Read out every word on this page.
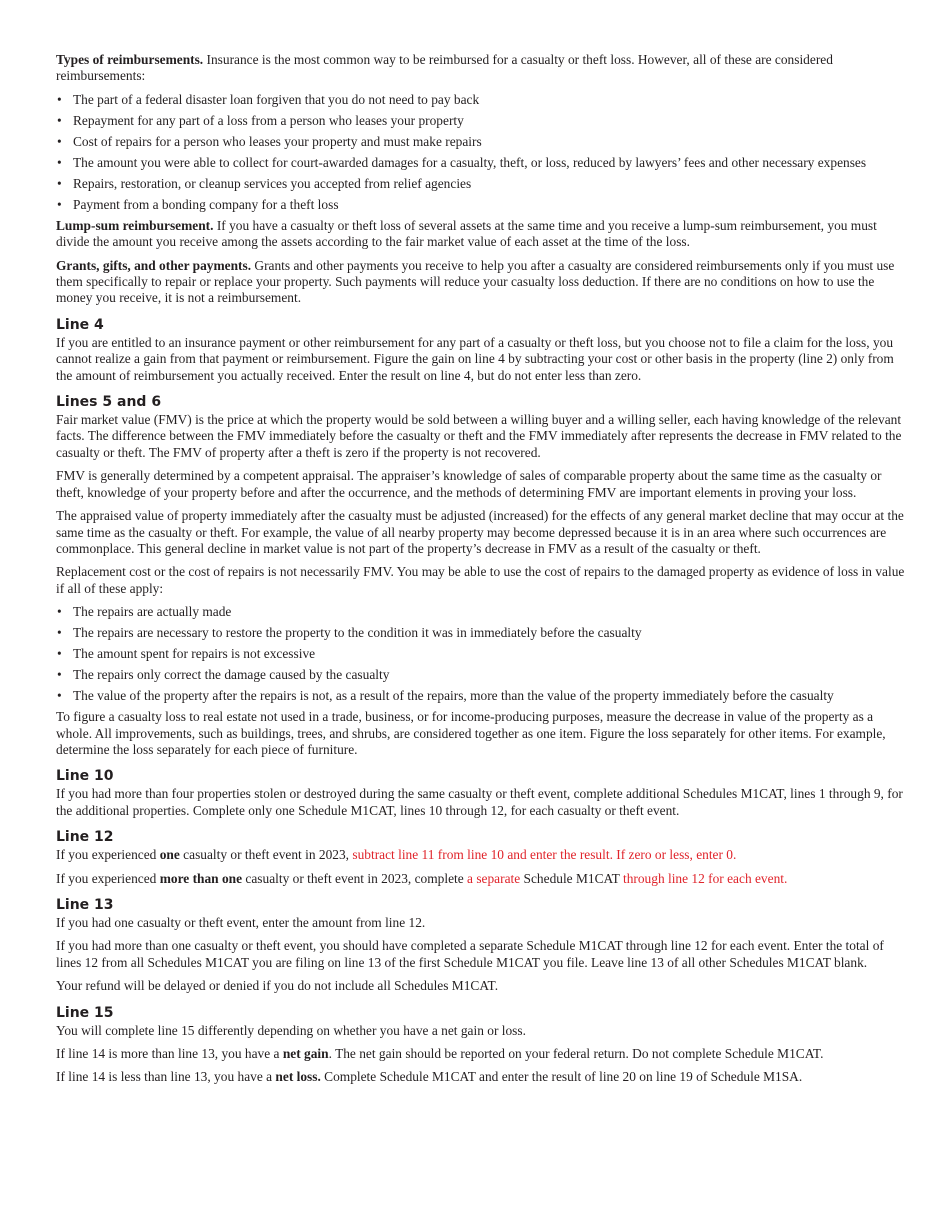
Types of reimbursements. Insurance is the most common way to be reimbursed for a casualty or theft loss. However, all of these are considered reimbursements:

• The part of a federal disaster loan forgiven that you do not need to pay back
• Repayment for any part of a loss from a person who leases your property
• Cost of repairs for a person who leases your property and must make repairs
• The amount you were able to collect for court-awarded damages for a casualty, theft, or loss, reduced by lawyers’ fees and other necessary expenses
• Repairs, restoration, or cleanup services you accepted from relief agencies
• Payment from a bonding company for a theft loss

Lump-sum reimbursement. If you have a casualty or theft loss of several assets at the same time and you receive a lump-sum reimbursement, you must divide the amount you receive among the assets according to the fair market value of each asset at the time of the loss.

Grants, gifts, and other payments. Grants and other payments you receive to help you after a casualty are considered reimbursements only if you must use them specifically to repair or replace your property. Such payments will reduce your casualty loss deduction. If there are no conditions on how to use the money you receive, it is not a reimbursement.

Line 4

If you are entitled to an insurance payment or other reimbursement for any part of a casualty or theft loss, but you choose not to file a claim for the loss, you cannot realize a gain from that payment or reimbursement. Figure the gain on line 4 by subtracting your cost or other basis in the property (line 2) only from the amount of reimbursement you actually received. Enter the result on line 4, but do not enter less than zero.

Lines 5 and 6

Fair market value (FMV) is the price at which the property would be sold between a willing buyer and a willing seller, each having knowledge of the relevant facts. The difference between the FMV immediately before the casualty or theft and the FMV immediately after represents the decrease in FMV related to the casualty or theft. The FMV of property after a theft is zero if the property is not recovered.

FMV is generally determined by a competent appraisal. The appraiser’s knowledge of sales of comparable property about the same time as the casualty or theft, knowledge of your property before and after the occurrence, and the methods of determining FMV are important elements in proving your loss.

The appraised value of property immediately after the casualty must be adjusted (increased) for the effects of any general market decline that may occur at the same time as the casualty or theft. For example, the value of all nearby property may become depressed because it is in an area where such occurrences are commonplace. This general decline in market value is not part of the property’s decrease in FMV as a result of the casualty or theft.

Replacement cost or the cost of repairs is not necessarily FMV. You may be able to use the cost of repairs to the damaged property as evidence of loss in value if all of these apply:

• The repairs are actually made
• The repairs are necessary to restore the property to the condition it was in immediately before the casualty
• The amount spent for repairs is not excessive
• The repairs only correct the damage caused by the casualty
• The value of the property after the repairs is not, as a result of the repairs, more than the value of the property immediately before the casualty

To figure a casualty loss to real estate not used in a trade, business, or for income-producing purposes, measure the decrease in value of the property as a whole. All improvements, such as buildings, trees, and shrubs, are considered together as one item. Figure the loss separately for other items. For example, determine the loss separately for each piece of furniture.

Line 10

If you had more than four properties stolen or destroyed during the same casualty or theft event, complete additional Schedules M1CAT, lines 1 through 9, for the additional properties. Complete only one Schedule M1CAT, lines 10 through 12, for each casualty or theft event.

Line 12

If you experienced one casualty or theft event in 2023, subtract line 11 from line 10 and enter the result. If zero or less, enter 0.

If you experienced more than one casualty or theft event in 2023, complete a separate Schedule M1CAT through line 12 for each event.

Line 13

If you had one casualty or theft event, enter the amount from line 12.

If you had more than one casualty or theft event, you should have completed a separate Schedule M1CAT through line 12 for each event. Enter the total of lines 12 from all Schedules M1CAT you are filing on line 13 of the first Schedule M1CAT you file. Leave line 13 of all other Schedules M1CAT blank.

Your refund will be delayed or denied if you do not include all Schedules M1CAT.

Line 15

You will complete line 15 differently depending on whether you have a net gain or loss.

If line 14 is more than line 13, you have a net gain. The net gain should be reported on your federal return. Do not complete Schedule M1CAT.

If line 14 is less than line 13, you have a net loss. Complete Schedule M1CAT and enter the result of line 20 on line 19 of Schedule M1SA.
